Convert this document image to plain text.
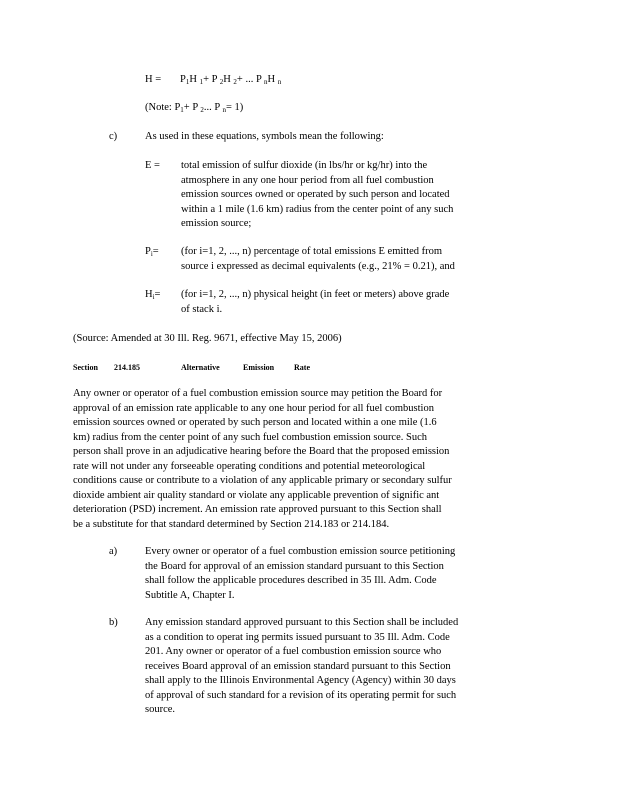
$H = P_1H$ $_1$+ P $_2$H $_2$+ ... P $_n$H $_n$
(Note: $P_1+ P$ $_2$... P $_n$= 1)
c)	As used in these equations, symbols mean the following:
E = total emission of sulfur dioxide (in lbs/hr or kg/hr) into the
atmosphere in any one hour period from all fuel combustion
emission sources owned or operated by such person and located
within a 1 mile (1.6 km) radius from the center point of any such
emission source;
$P_i= (for$ i=1, 2, ..., n) percentage of total emissions E emitted from
source i expressed as decimal equivalents (e.g., 21% = 0.21), and
$H_i= (for$ i=1, 2, ..., n) physical height (in feet or meters) above grade
of stack i.
(Source: Amended at 30 Ill. Reg. 9671, effective May 15, 2006)
Section 214.185	Alternative	Emission Rate
Any owner or operator of a fuel combustion emission source may petition the Board for
approval of an emission rate applicable to any one hour period for all fuel combustion
emission sources owned or operated by such person and located within a one mile (1.6
km) radius from the center point of any such fuel combustion emission source. Such
person shall prove in an adjudicative hearing before the Board that the proposed emission
rate will not under any forseeable operating conditions and potential meteorological
conditions cause or contribute to a violation of any applicable primary or secondary sulfur
dioxide ambient air quality standard or violate any applicable prevention of signific ant
deterioration (PSD) increment. An emission rate approved pursuant to this Section shall
be a substitute for that standard determined by Section 214.183 or 214.184.
a)	Every owner or operator of a fuel combustion emission source petitioning
the Board for approval of an emission standard pursuant to this Section
shall follow the applicable procedures described in 35 Ill. Adm. Code
Subtitle A, Chapter I.
b)	Any emission standard approved pursuant to this Section shall be included
as a condition to operat ing permits issued pursuant to 35 Ill. Adm. Code
201. Any owner or operator of a fuel combustion emission source who
receives Board approval of an emission standard pursuant to this Section
shall apply to the Illinois Environmental Agency (Agency) within 30 days
of approval of such standard for a revision of its operating permit for such
source.
